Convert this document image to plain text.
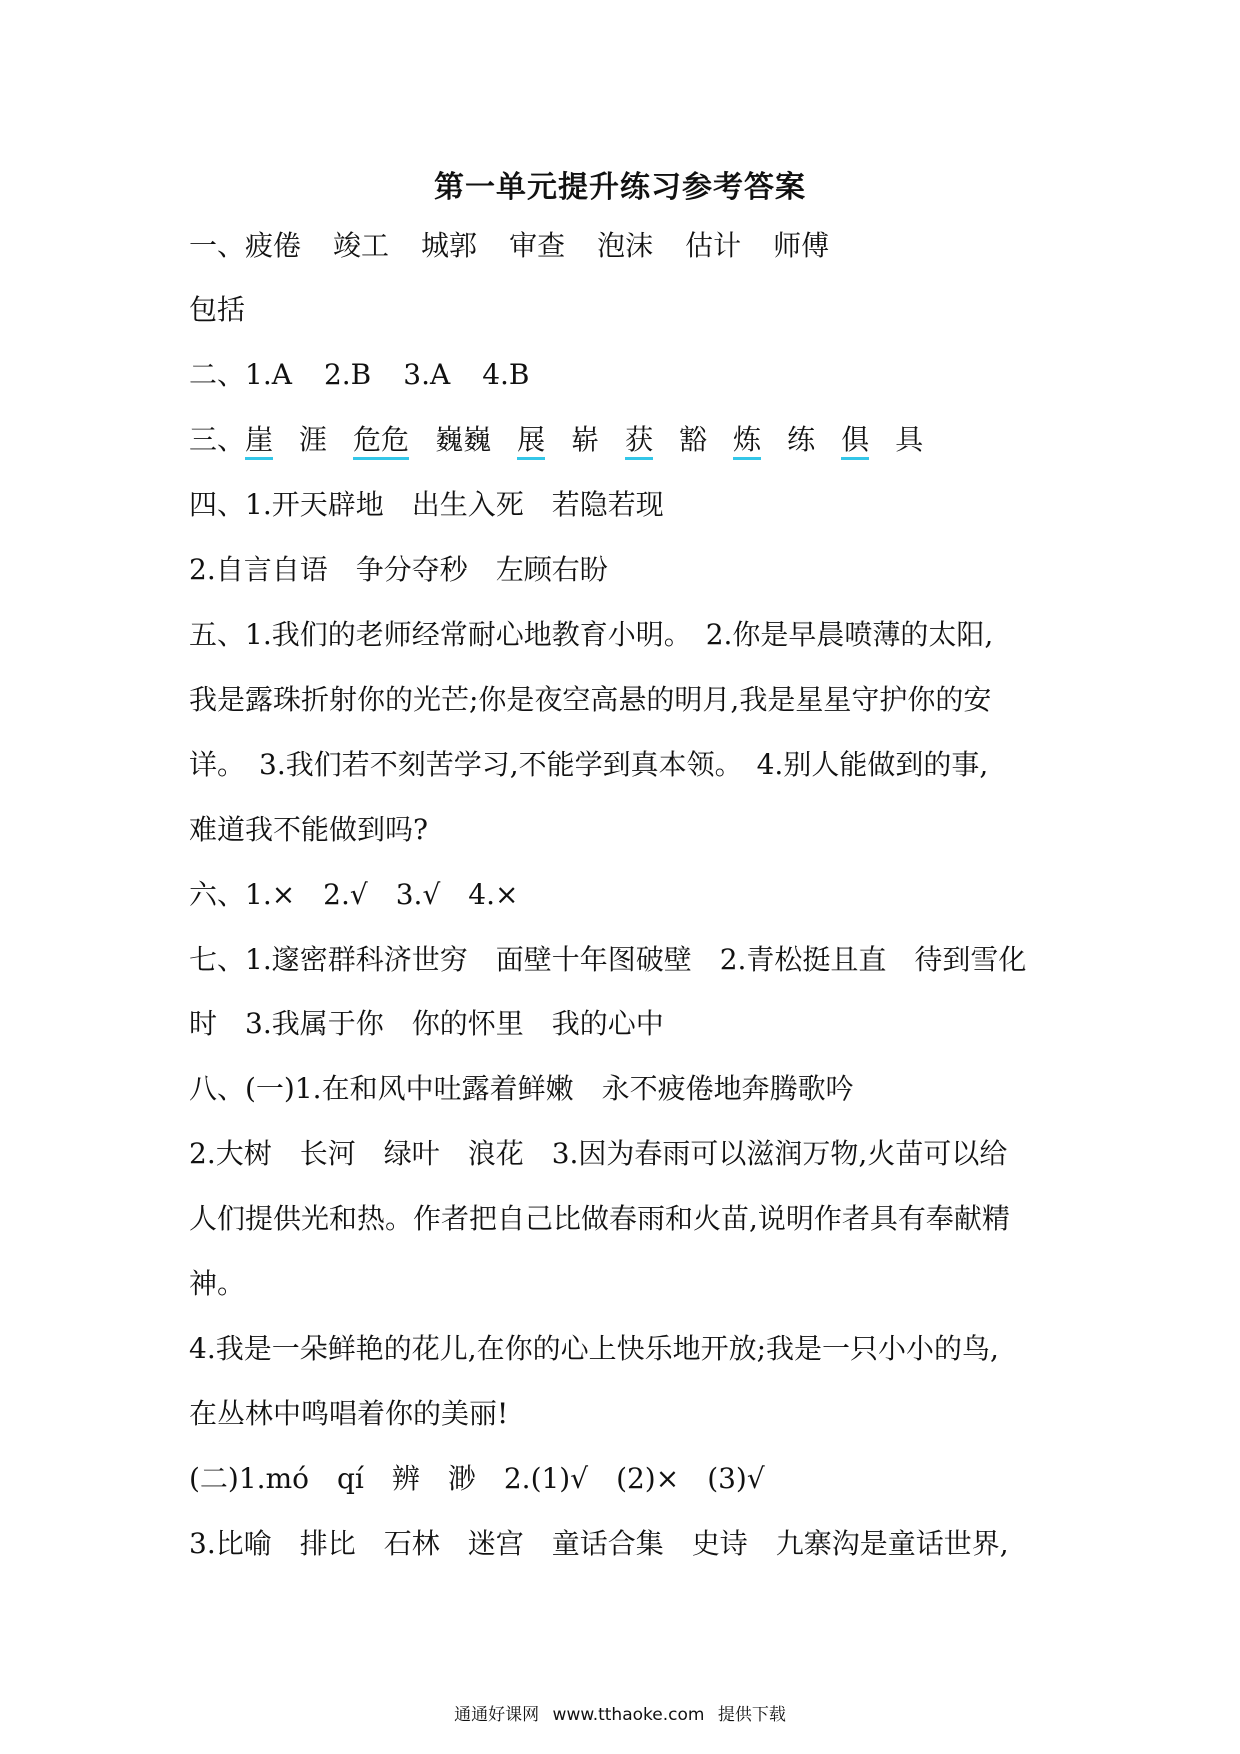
第一单元提升练习参考答案
一、疲倦 竣工 城郭 审查 泡沫 估计 师傅
包括
二、1.A 2.B 3.A 4.B
三、崖 涯 危危 巍巍 展 崭 获 豁 炼 练 俱 具
四、1.开天辟地　出生入死　若隐若现
2.自言自语　争分夺秒　左顾右盼
五、1.我们的老师经常耐心地教育小明。　2.你是早晨喷薄的太阳,
我是露珠折射你的光芒;你是夜空高悬的明月,我是星星守护你的安
详。　3.我们若不刻苦学习,不能学到真本领。　4.别人能做到的事,
难道我不能做到吗?
六、1.×　2.√　3.√　4.×
七、1.邃密群科济世穷　面壁十年图破壁　2.青松挺且直　待到雪化
时　3.我属于你　你的怀里　我的心中
八、(一)1.在和风中吐露着鲜嫩　永不疲倦地奔腾歌吟
2.大树　长河　绿叶　浪花　3.因为春雨可以滋润万物,火苗可以给
人们提供光和热。作者把自己比做春雨和火苗,说明作者具有奉献精
神。
4.我是一朵鲜艳的花儿,在你的心上快乐地开放;我是一只小小的鸟,
在丛林中鸣唱着你的美丽!
(二)1.mó　qí　辨　渺　2.(1)√　(2)×　(3)√
3.比喻　排比　石林　迷宫　童话合集　史诗　九寨沟是童话世界,
通通好课网 www.tthaoke.com 提供下载
